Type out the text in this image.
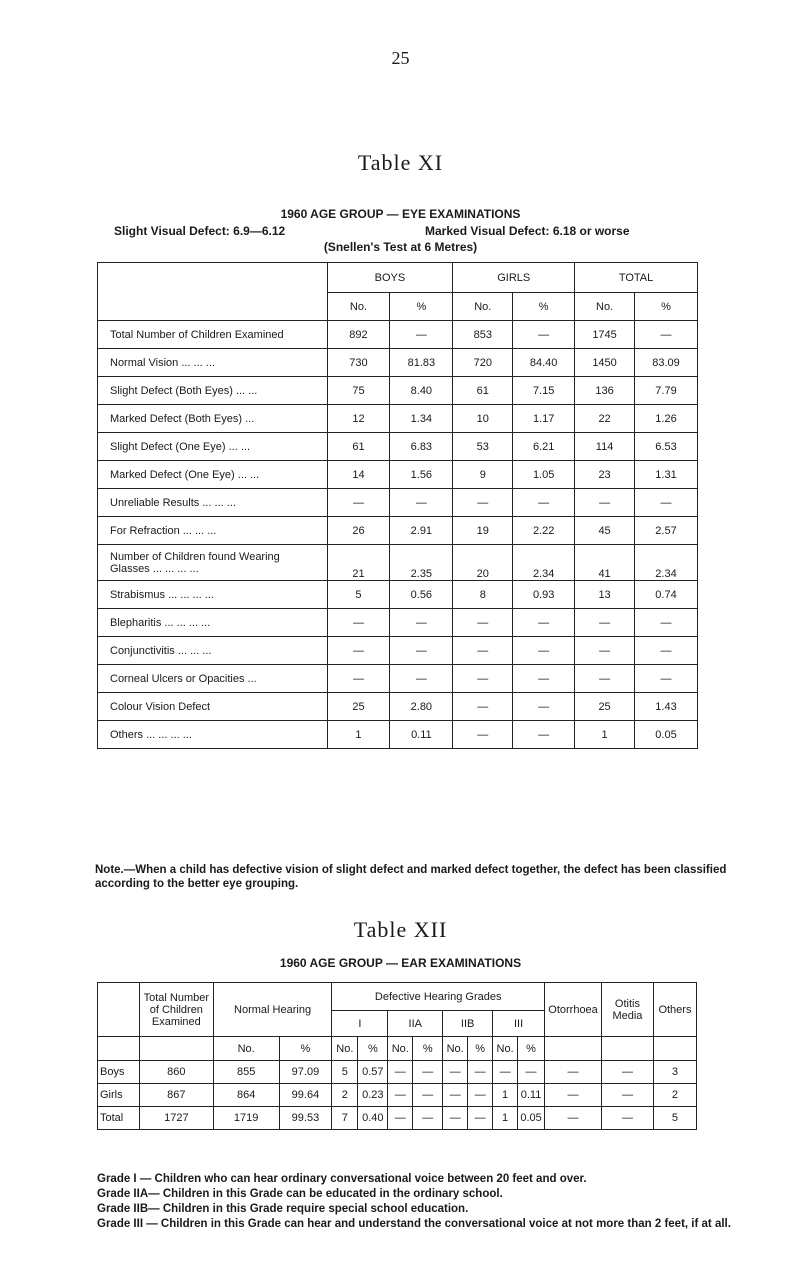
25
Table XI
1960 AGE GROUP — EYE EXAMINATIONS
Slight Visual Defect: 6.9—6.12	Marked Visual Defect: 6.18 or worse
(Snellen's Test at 6 Metres)
	BOYS		GIRLS		TOTAL	
	No.	%	No.	%	No.	%
Total Number of Children Examined	892	—	853	—	1745	—
Normal Vision ... ... ...	730	81.83	720	84.40	1450	83.09
Slight Defect (Both Eyes) ... ...	75	8.40	61	7.15	136	7.79
Marked Defect (Both Eyes) ...	12	1.34	10	1.17	22	1.26
Slight Defect (One Eye) ... ...	61	6.83	53	6.21	114	6.53
Marked Defect (One Eye) ... ...	14	1.56	9	1.05	23	1.31
Unreliable Results ... ... ...	—	—	—	—	—	—
For Refraction ... ... ...	26	2.91	19	2.22	45	2.57
Number of Children found Wearing Glasses ... ... ... ...	21	2.35	20	2.34	41	2.34
Strabismus ... ... ... ...	5	0.56	8	0.93	13	0.74
Blepharitis ... ... ... ...	—	—	—	—	—	—
Conjunctivitis ... ... ...	—	—	—	—	—	—
Corneal Ulcers or Opacities ...	—	—	—	—	—	—
Colour Vision Defect	25	2.80	—	—	25	1.43
Others ... ... ... ...	1	0.11	—	—	1	0.05
Note.—When a child has defective vision of slight defect and marked defect together, the defect has been classified according to the better eye grouping.
Table XII
1960 AGE GROUP — EAR EXAMINATIONS
	Total Number of Children Examined	Normal Hearing		Defective Hearing Grades								Otorrhoea	Otitis Media	Others
				I		IIA		IIB		III				
		No.	%	No.	%	No.	%	No.	%	No.	%			
Boys	860	855	97.09	5	0.57	—	—	—	—	—	—	—	—	3
Girls	867	864	99.64	2	0.23	—	—	—	—	1	0.11	—	—	2
Total	1727	1719	99.53	7	0.40	—	—	—	—	1	0.05	—	—	5
Grade I — Children who can hear ordinary conversational voice between 20 feet and over.
Grade IIA— Children in this Grade can be educated in the ordinary school.
Grade IIB— Children in this Grade require special school education.
Grade III — Children in this Grade can hear and understand the conversational voice at not more than 2 feet, if at all.
